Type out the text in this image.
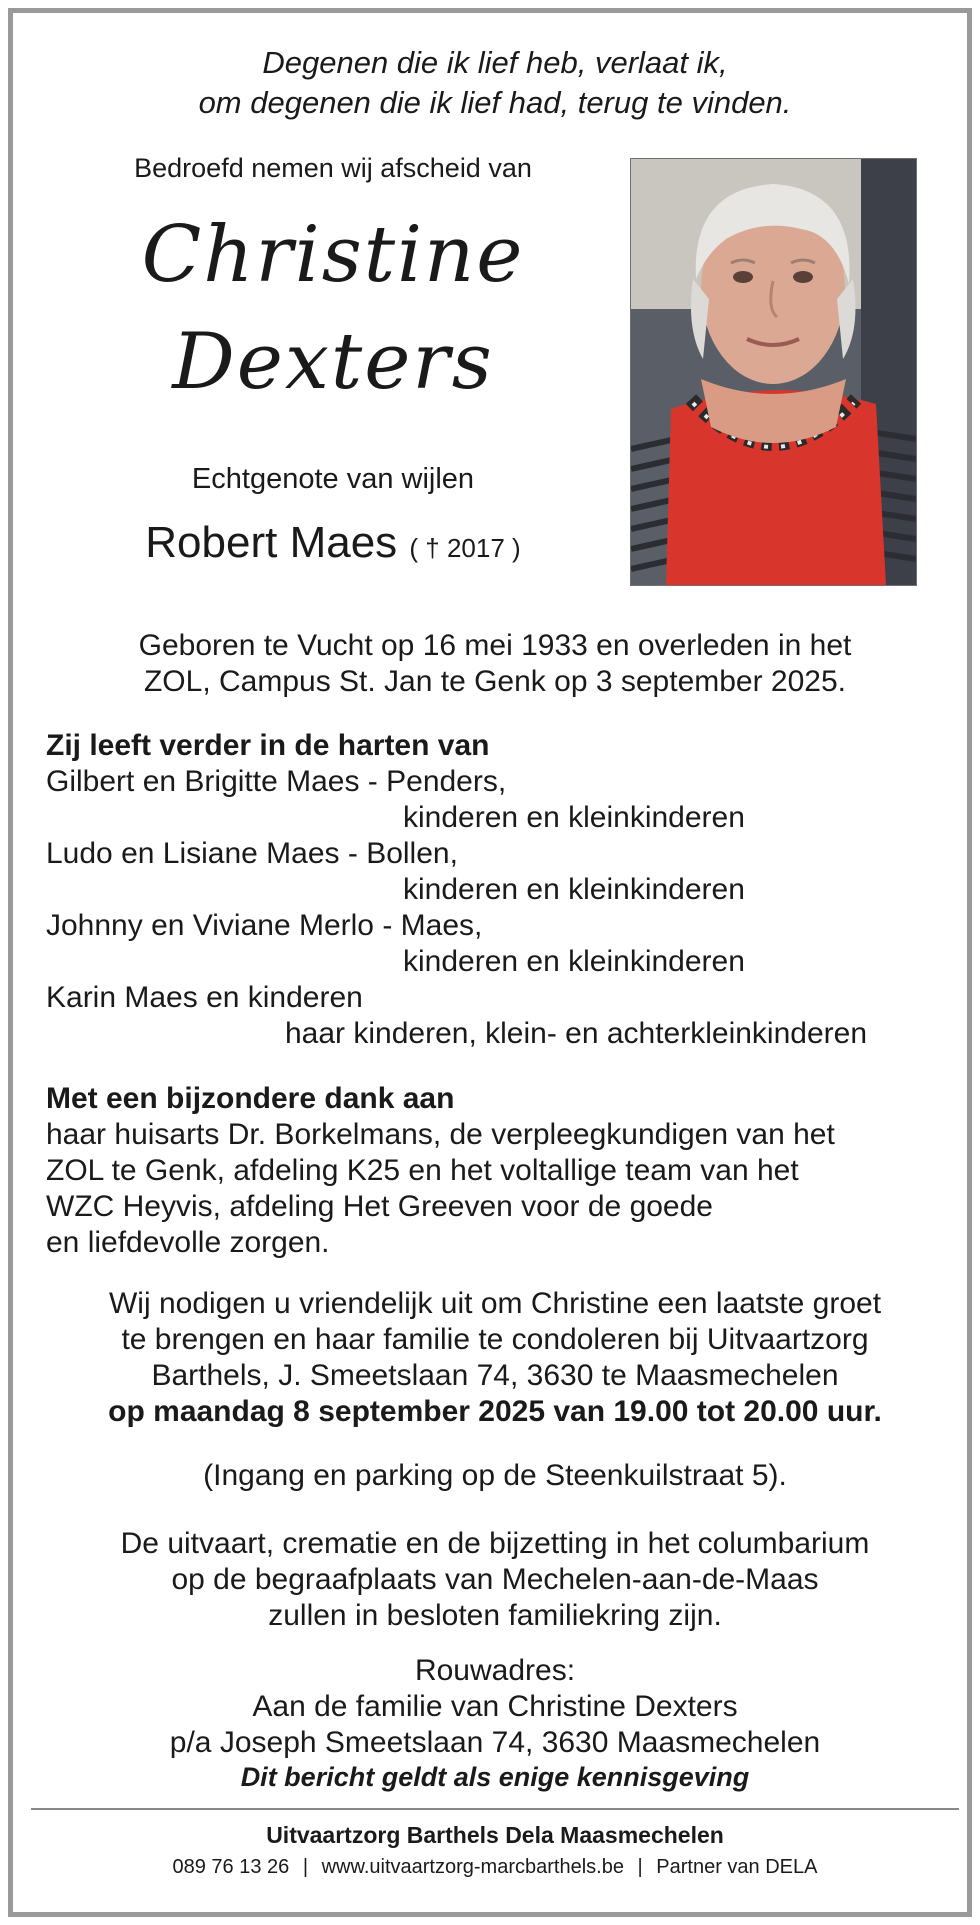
Degenen die ik lief heb, verlaat ik,
om degenen die ik lief had, terug te vinden.
Bedroefd nemen wij afscheid van
Christine
Dexters
Echtgenote van wijlen
Robert Maes ( † 2017 )
Geboren te Vucht op 16 mei 1933 en overleden in het
ZOL, Campus St. Jan te Genk op 3 september 2025.
Zij leeft verder in de harten van
Gilbert en Brigitte Maes - Penders,
kinderen en kleinkinderen
Ludo en Lisiane Maes - Bollen,
kinderen en kleinkinderen
Johnny en Viviane Merlo - Maes,
kinderen en kleinkinderen
Karin Maes en kinderen
haar kinderen, klein- en achterkleinkinderen
Met een bijzondere dank aan
haar huisarts Dr. Borkelmans, de verpleegkundigen van het
ZOL te Genk, afdeling K25 en het voltallige team van het
WZC Heyvis, afdeling Het Greeven voor de goede
en liefdevolle zorgen.
Wij nodigen u vriendelijk uit om Christine een laatste groet
te brengen en haar familie te condoleren bij Uitvaartzorg
Barthels, J. Smeetslaan 74, 3630 te Maasmechelen
op maandag 8 september 2025 van 19.00 tot 20.00 uur.
(Ingang en parking op de Steenkuilstraat 5).
De uitvaart, crematie en de bijzetting in het columbarium
op de begraafplaats van Mechelen-aan-de-Maas
zullen in besloten familiekring zijn.
Rouwadres:
Aan de familie van Christine Dexters
p/a Joseph Smeetslaan 74, 3630 Maasmechelen
Dit bericht geldt als enige kennisgeving
Uitvaartzorg Barthels Dela Maasmechelen
089 76 13 26 | www.uitvaartzorg-marcbarthels.be | Partner van DELA
